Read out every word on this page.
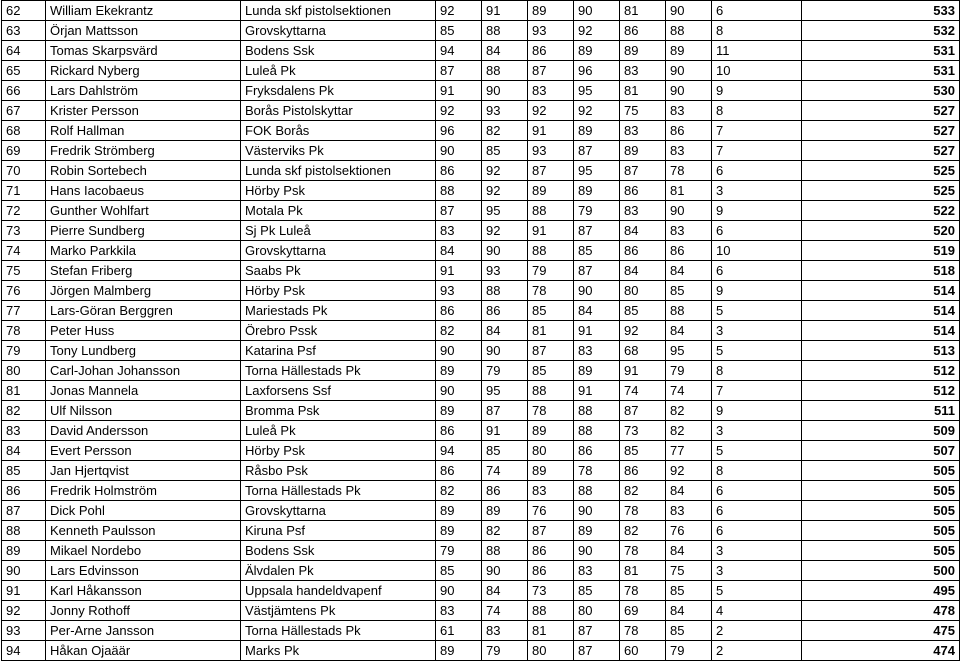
62	William Ekekrantz	Lunda skf pistolsektionen	92	91	89	90	81	90	6	533
63	Örjan Mattsson	Grovskyttarna	85	88	93	92	86	88	8	532
64	Tomas Skarpsvärd	Bodens Ssk	94	84	86	89	89	89	11	531
65	Rickard Nyberg	Luleå Pk	87	88	87	96	83	90	10	531
66	Lars Dahlström	Fryksdalens Pk	91	90	83	95	81	90	9	530
67	Krister Persson	Borås Pistolskyttar	92	93	92	92	75	83	8	527
68	Rolf Hallman	FOK Borås	96	82	91	89	83	86	7	527
69	Fredrik Strömberg	Västerviks Pk	90	85	93	87	89	83	7	527
70	Robin Sortebech	Lunda skf pistolsektionen	86	92	87	95	87	78	6	525
71	Hans Iacobaeus	Hörby Psk	88	92	89	89	86	81	3	525
72	Gunther Wohlfart	Motala Pk	87	95	88	79	83	90	9	522
73	Pierre Sundberg	Sj Pk Luleå	83	92	91	87	84	83	6	520
74	Marko Parkkila	Grovskyttarna	84	90	88	85	86	86	10	519
75	Stefan Friberg	Saabs Pk	91	93	79	87	84	84	6	518
76	Jörgen Malmberg	Hörby Psk	93	88	78	90	80	85	9	514
77	Lars-Göran Berggren	Mariestads Pk	86	86	85	84	85	88	5	514
78	Peter Huss	Örebro Pssk	82	84	81	91	92	84	3	514
79	Tony Lundberg	Katarina Psf	90	90	87	83	68	95	5	513
80	Carl-Johan Johansson	Torna Hällestads Pk	89	79	85	89	91	79	8	512
81	Jonas Mannela	Laxforsens Ssf	90	95	88	91	74	74	7	512
82	Ulf Nilsson	Bromma Psk	89	87	78	88	87	82	9	511
83	David Andersson	Luleå Pk	86	91	89	88	73	82	3	509
84	Evert Persson	Hörby Psk	94	85	80	86	85	77	5	507
85	Jan Hjertqvist	Råsbo Psk	86	74	89	78	86	92	8	505
86	Fredrik Holmström	Torna Hällestads Pk	82	86	83	88	82	84	6	505
87	Dick Pohl	Grovskyttarna	89	89	76	90	78	83	6	505
88	Kenneth Paulsson	Kiruna Psf	89	82	87	89	82	76	6	505
89	Mikael Nordebo	Bodens Ssk	79	88	86	90	78	84	3	505
90	Lars Edvinsson	Älvdalen Pk	85	90	86	83	81	75	3	500
91	Karl Håkansson	Uppsala handeldvapenf	90	84	73	85	78	85	5	495
92	Jonny Rothoff	Västjämtens Pk	83	74	88	80	69	84	4	478
93	Per-Arne Jansson	Torna Hällestads Pk	61	83	81	87	78	85	2	475
94	Håkan Ojaäär	Marks Pk	89	79	80	87	60	79	2	474
